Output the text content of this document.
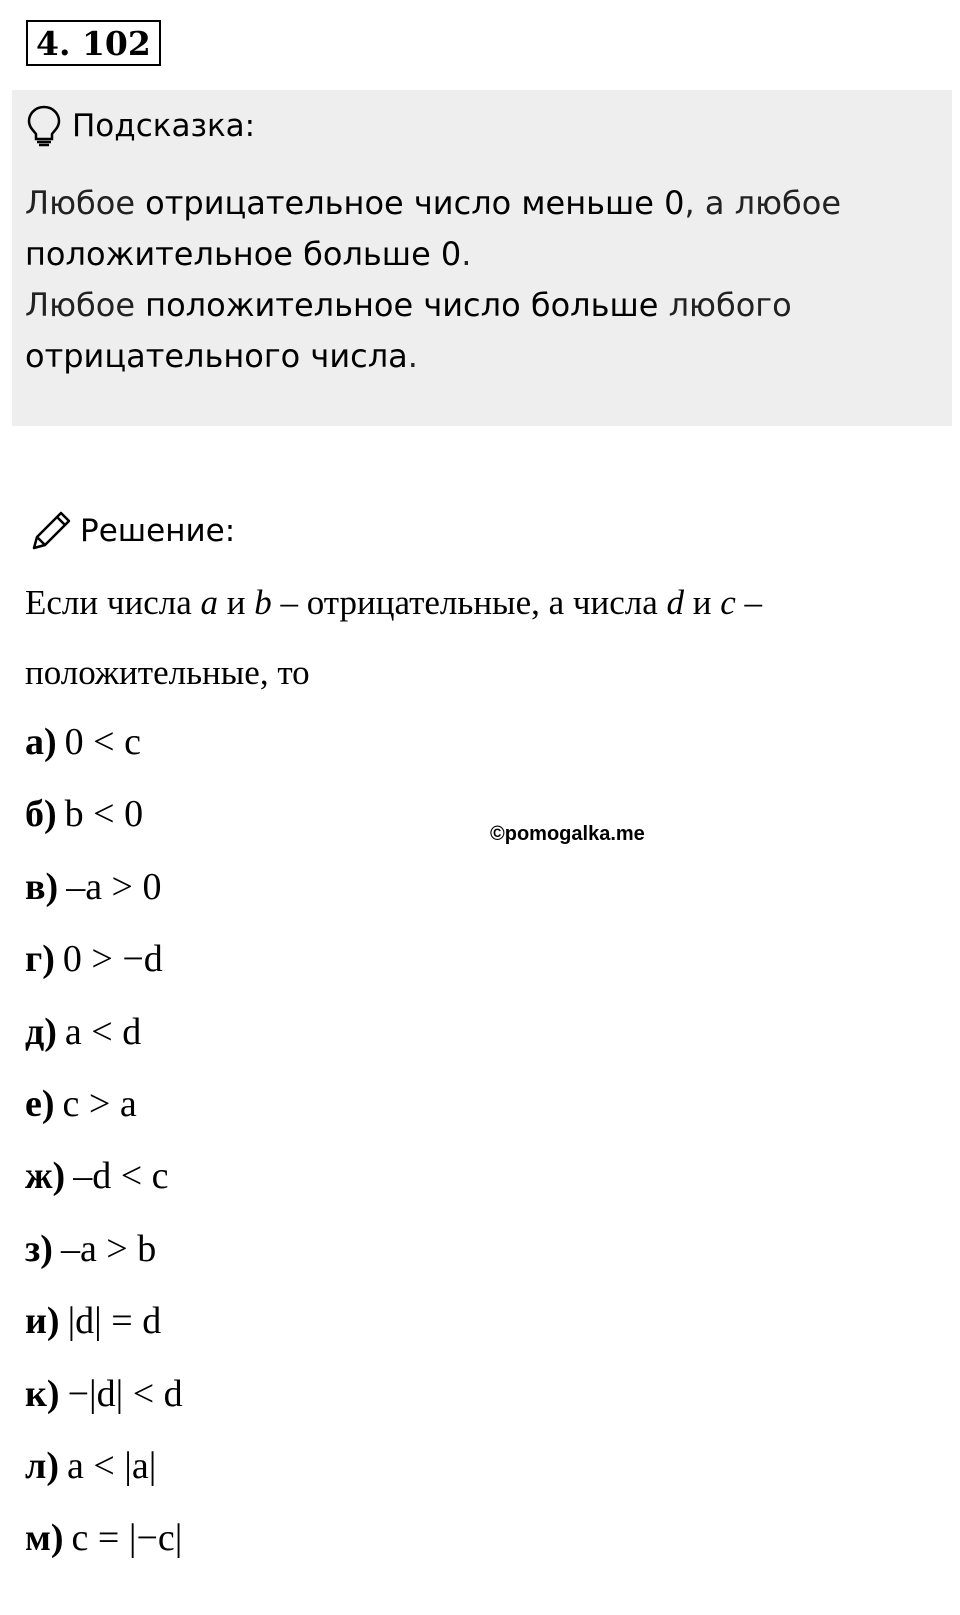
4. 102
Подсказка:
Любое отрицательное число меньше 0, а любое
положительное больше 0.
Любое положительное число больше любого
отрицательного числа.
Решение:
Если числа a и b – отрицательные, а числа d и c – положительные, то
а) 0 < c
б) b < 0
в) –a > 0
г) 0 > −d
д) a < d
е) c > a
ж) –d < c
з) –a > b
и) |d| = d
к) −|d| < d
л) a < |a|
м) c = |−c|
©pomogalka.me
